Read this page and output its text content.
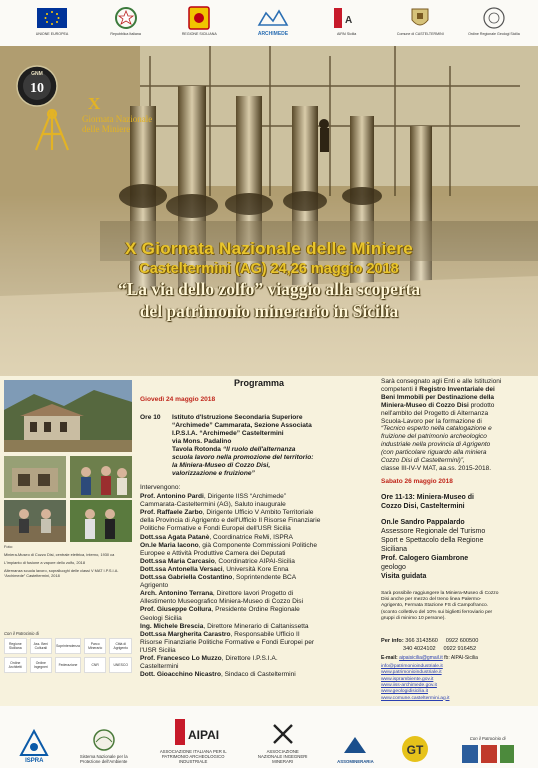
UNIONE EUROPEA	Repubblica Italiana	REGIONE SICILIANA	ARCHIMEDE
A
AIPAI Sicilia	Comune di CASTELTERMINI	Ordine Regionale Geologi Sicilia
GNM
10
X
Giornata Nazionale
delle Miniere
X Giornata Nazionale delle Miniere
Casteltermini (AG) 24,26 maggio 2018
“La via dello zolfo” viaggio alla scoperta
del patrimonio minerario in Sicilia

Foto:

Miniera-Museo di Cozzo Disi, centrale elettrica, interno, 1930 ca

L'impianto di fusione a vapore dello zolfo, 2018

Alternanza scuola lavoro, sopralluoghi delle classi V MAT I.P.S.I.A. “Archimede” Casteltermini, 2018

Con il Patrocinio di
Regione Siciliana
Ass. Beni Culturali	Soprintendenza	Parco Minerario
Città di Agrigento
Ordine Architetti
Ordine Ingegneri	Federazione	CNR	UNESCO
Programma
Giovedì 24 maggio 2018
Ore 10 Istituto d'Istruzione Secondaria Superiore
“Archimede” Cammarata, Sezione Associata
I.P.S.I.A. “Archimede” Casteltermini
via Mons. Padalino
Tavola Rotonda “Il ruolo dell'alternanza
scuola lavoro nella promozione del territorio:
la Miniera-Museo di Cozzo Disi,
valorizzazione e fruizione”
Intervengono:
Prof. Antonino Pardi, Dirigente IISS “Archimede”
Cammarata-Casteltermini (AG), Saluto inaugurale
Prof. Raffaele Zarbo, Dirigente Ufficio V Ambito Territoriale
della Provincia di Agrigento e dell'Ufficio II Risorse Finanziarie
Politiche Formative e Fondi Europei dell'USR Sicilia
Dott.ssa Agata Patanè, Coordinatrice ReMi, ISPRA
On.le Maria Iacono, già Componente Commissioni Politiche
Europee e Attività Produttive Camera dei Deputati
Dott.ssa Maria Carcasio, Coordinatrice AIPAI-Sicilia
Dott.ssa Antonella Versaci, Università Kore Enna
Dott.ssa Gabriella Costantino, Soprintendente BCA
Agrigento
Arch. Antonino Terrana, Direttore lavori Progetto di
Allestimento Museografico Miniera-Museo di Cozzo Disi
Prof. Giuseppe Collura, Presidente Ordine Regionale
Geologi Sicilia
Ing. Michele Brescia, Direttore Minerario di Caltanissetta
Dott.ssa Margherita Carastro, Responsabile Ufficio II
Risorse Finanziarie Politiche Formative e Fondi Europei per
l'USR Sicilia
Prof. Francesco Lo Muzzo, Direttore I.P.S.I.A.
Casteltermini
Dott. Gioacchino Nicastro, Sindaco di Casteltermini
Sarà consegnato agli Enti e alle Istituzioni
competenti il Registro Inventariale dei
Beni Immobili per Destinazione della
Miniera-Museo di Cozzo Disi prodotto
nell'ambito del Progetto di Alternanza
Scuola-Lavoro per la formazione di
“Tecnico esperto nella catalogazione e
fruizione del patrimonio archeologico
industriale nella provincia di Agrigento
(con particolare riguardo alla miniera
Cozzo Disi di Casteltermini)”,
classe III-IV-V MAT, aa.ss. 2015-2018.
Sabato 26 maggio 2018
Ore 11-13: Miniera-Museo di
Cozzo Disi, Casteltermini
On.le Sandro Pappalardo
Assessore Regionale del Turismo
Sport e Spettacolo della Regione
Siciliana
Prof. Calogero Giambrone
geologo
Visita guidata
Sarà possibile raggiungere la Miniera-Museo di Cozzo
Disi anche per mezzo del treno linea Palermo-
Agrigento, Fermata Stazione FS di Campofranco.
(sconto collettivo del 10% sui biglietti ferroviario per
gruppi di minimo 10 persone).
Per info: 366 3143560 0922 600500
340 4024102 0922 916452
E-mail: aipaisicilia@gmail.it fb: AIPAI-Sicilia
info@patrimonioindustriale.it
www.patrimonioindustriale.it
www.isprambiente.gov.it
www.iiss-archimede.gov.it
www.geologidisicilia.it
www.comune.casteltermini.ag.it
ISPRA
Sistema Nazionale per la Protezione dell'Ambiente
AIPAI
ASSOCIAZIONE ITALIANA PER IL PATRIMONIO ARCHEOLOGICO INDUSTRIALE
ASSOCIAZIONE NAZIONALE INGEGNERI MINERARI	ASSOMINERARIA
GT
Con il Patrocinio di
